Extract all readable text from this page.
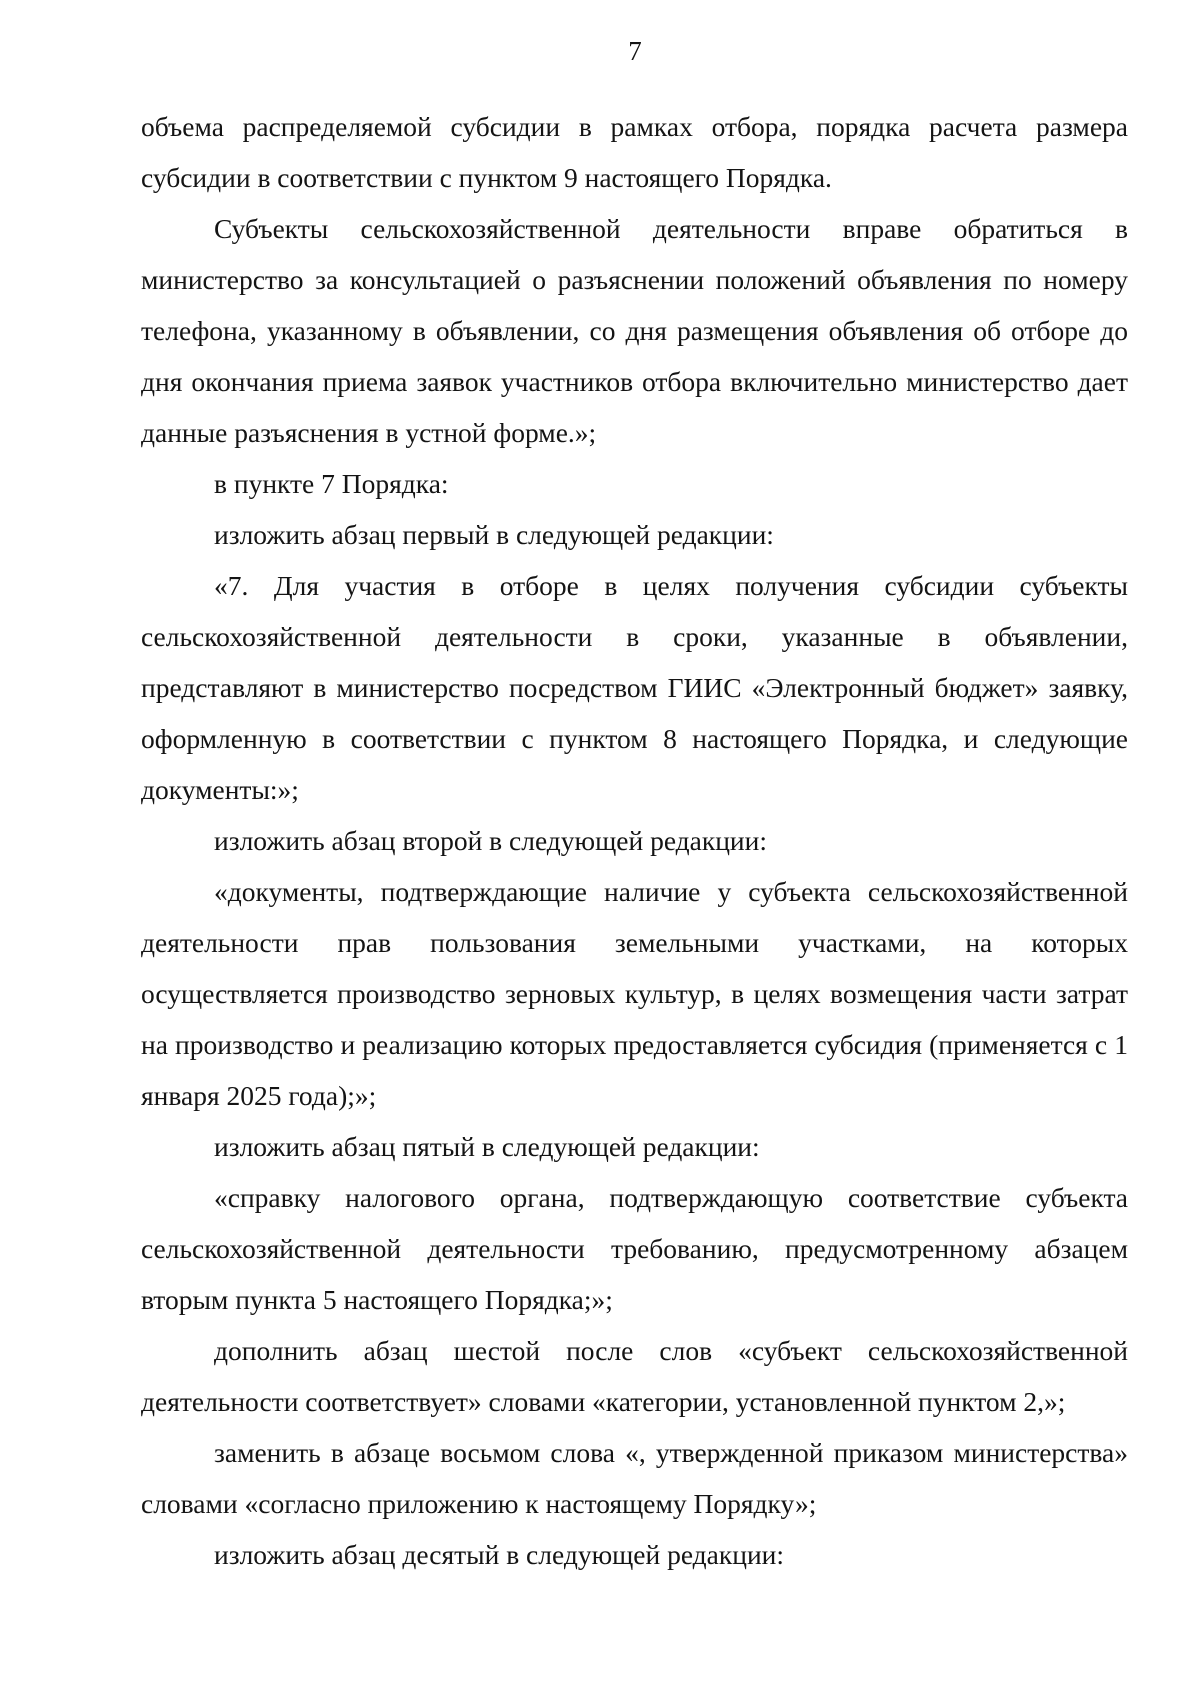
7

объема распределяемой субсидии в рамках отбора, порядка расчета размера субсидии в соответствии с пунктом 9 настоящего Порядка.

Субъекты сельскохозяйственной деятельности вправе обратиться в министерство за консультацией о разъяснении положений объявления по номеру телефона, указанному в объявлении, со дня размещения объявления об отборе до дня окончания приема заявок участников отбора включительно министерство дает данные разъяснения в устной форме.»;

в пункте 7 Порядка:

изложить абзац первый в следующей редакции:

«7. Для участия в отборе в целях получения субсидии субъекты сельскохозяйственной деятельности в сроки, указанные в объявлении, представляют в министерство посредством ГИИС «Электронный бюджет» заявку, оформленную в соответствии с пунктом 8 настоящего Порядка, и следующие документы:»;

изложить абзац второй в следующей редакции:

«документы, подтверждающие наличие у субъекта сельскохозяйственной деятельности прав пользования земельными участками, на которых осуществляется производство зерновых культур, в целях возмещения части затрат на производство и реализацию которых предоставляется субсидия (применяется с 1 января 2025 года);»;

изложить абзац пятый в следующей редакции:

«справку налогового органа, подтверждающую соответствие субъекта сельскохозяйственной деятельности требованию, предусмотренному абзацем вторым пункта 5 настоящего Порядка;»;

дополнить абзац шестой после слов «субъект сельскохозяйственной деятельности соответствует» словами «категории, установленной пунктом 2,»;

заменить в абзаце восьмом слова «, утвержденной приказом министерства» словами «согласно приложению к настоящему Порядку»;

изложить абзац десятый в следующей редакции:
